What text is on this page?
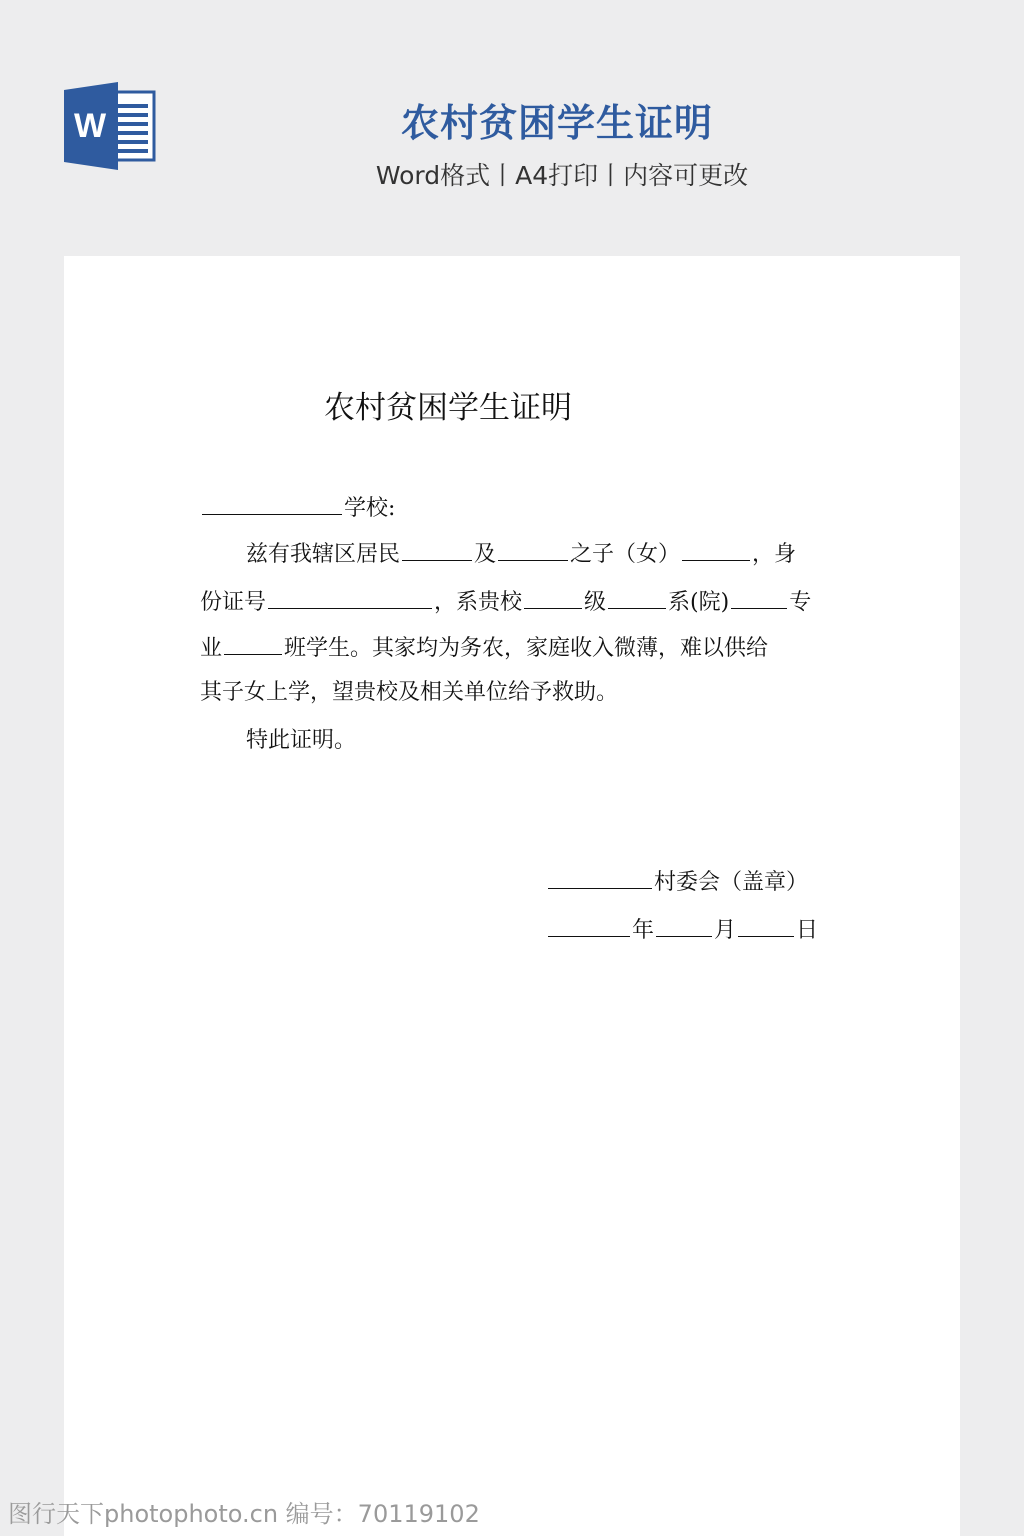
W	农村贫困学生证明
Word格式丨A4打印丨内容可更改
农村贫困学生证明
学校:
兹有我辖区居民	及	之子（女）	，身
份证号	，系贵校	级	系(院)	专
业	班学生。其家均为务农，家庭收入微薄，难以供给
其子女上学，望贵校及相关单位给予救助。
特此证明。
村委会（盖章）
年	月	日
图行天下photophoto.cn 编号：70119102
